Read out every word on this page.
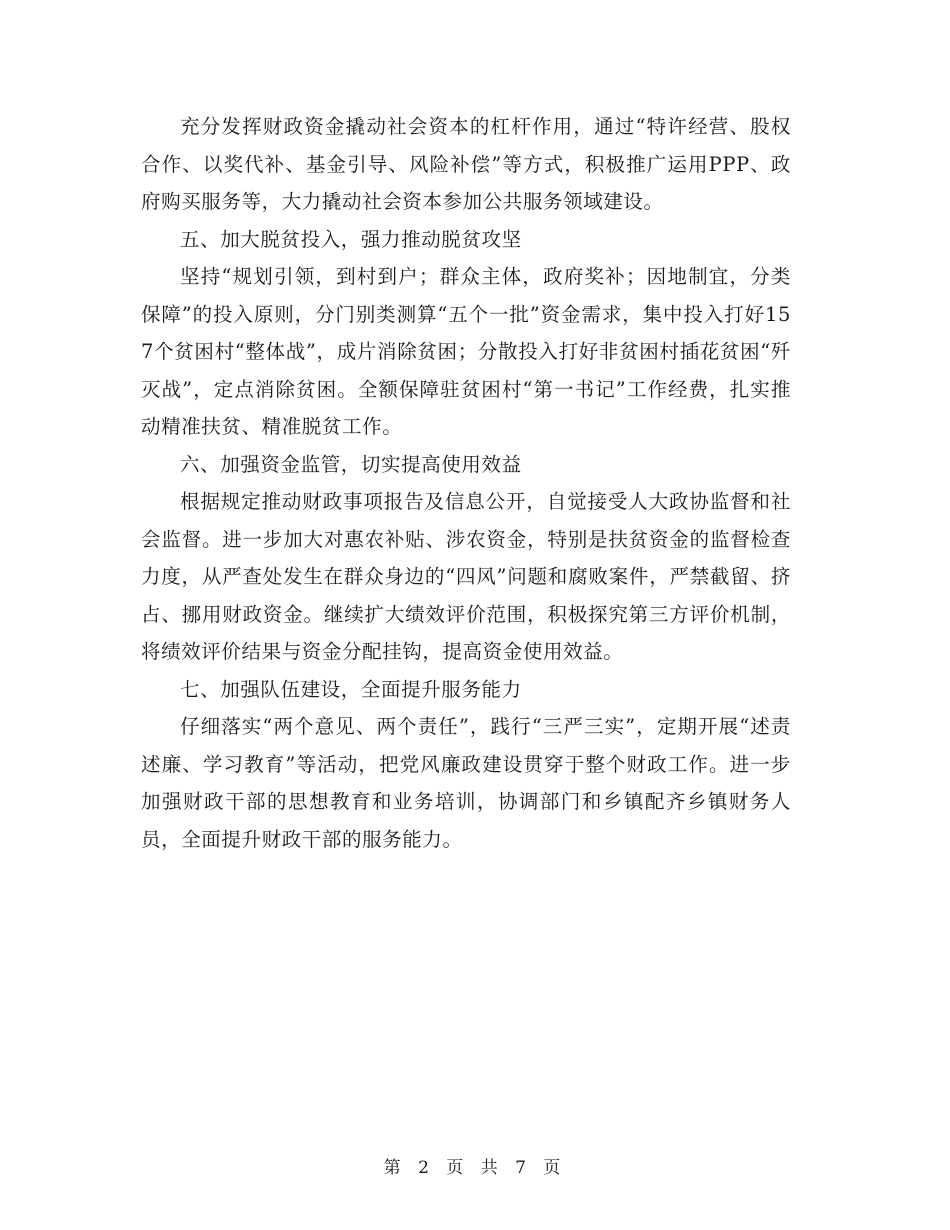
充分发挥财政资金撬动社会资本的杠杆作用，通过“特许经营、股权合作、以奖代补、基金引导、风险补偿”等方式，积极推广运用PPP、政府购买服务等，大力撬动社会资本参加公共服务领域建设。

五、加大脱贫投入，强力推动脱贫攻坚

坚持“规划引领，到村到户；群众主体，政府奖补；因地制宜，分类保障”的投入原则，分门别类测算“五个一批”资金需求，集中投入打好157个贫困村“整体战”，成片消除贫困；分散投入打好非贫困村插花贫困“歼灭战”，定点消除贫困。全额保障驻贫困村“第一书记”工作经费，扎实推动精准扶贫、精准脱贫工作。

六、加强资金监管，切实提高使用效益

根据规定推动财政事项报告及信息公开，自觉接受人大政协监督和社会监督。进一步加大对惠农补贴、涉农资金，特别是扶贫资金的监督检查力度，从严查处发生在群众身边的“四风”问题和腐败案件，严禁截留、挤占、挪用财政资金。继续扩大绩效评价范围，积极探究第三方评价机制，将绩效评价结果与资金分配挂钩，提高资金使用效益。

七、加强队伍建设，全面提升服务能力

仔细落实“两个意见、两个责任”，践行“三严三实”，定期开展“述责述廉、学习教育”等活动，把党风廉政建设贯穿于整个财政工作。进一步加强财政干部的思想教育和业务培训，协调部门和乡镇配齐乡镇财务人员，全面提升财政干部的服务能力。

第 2 页 共 7 页
